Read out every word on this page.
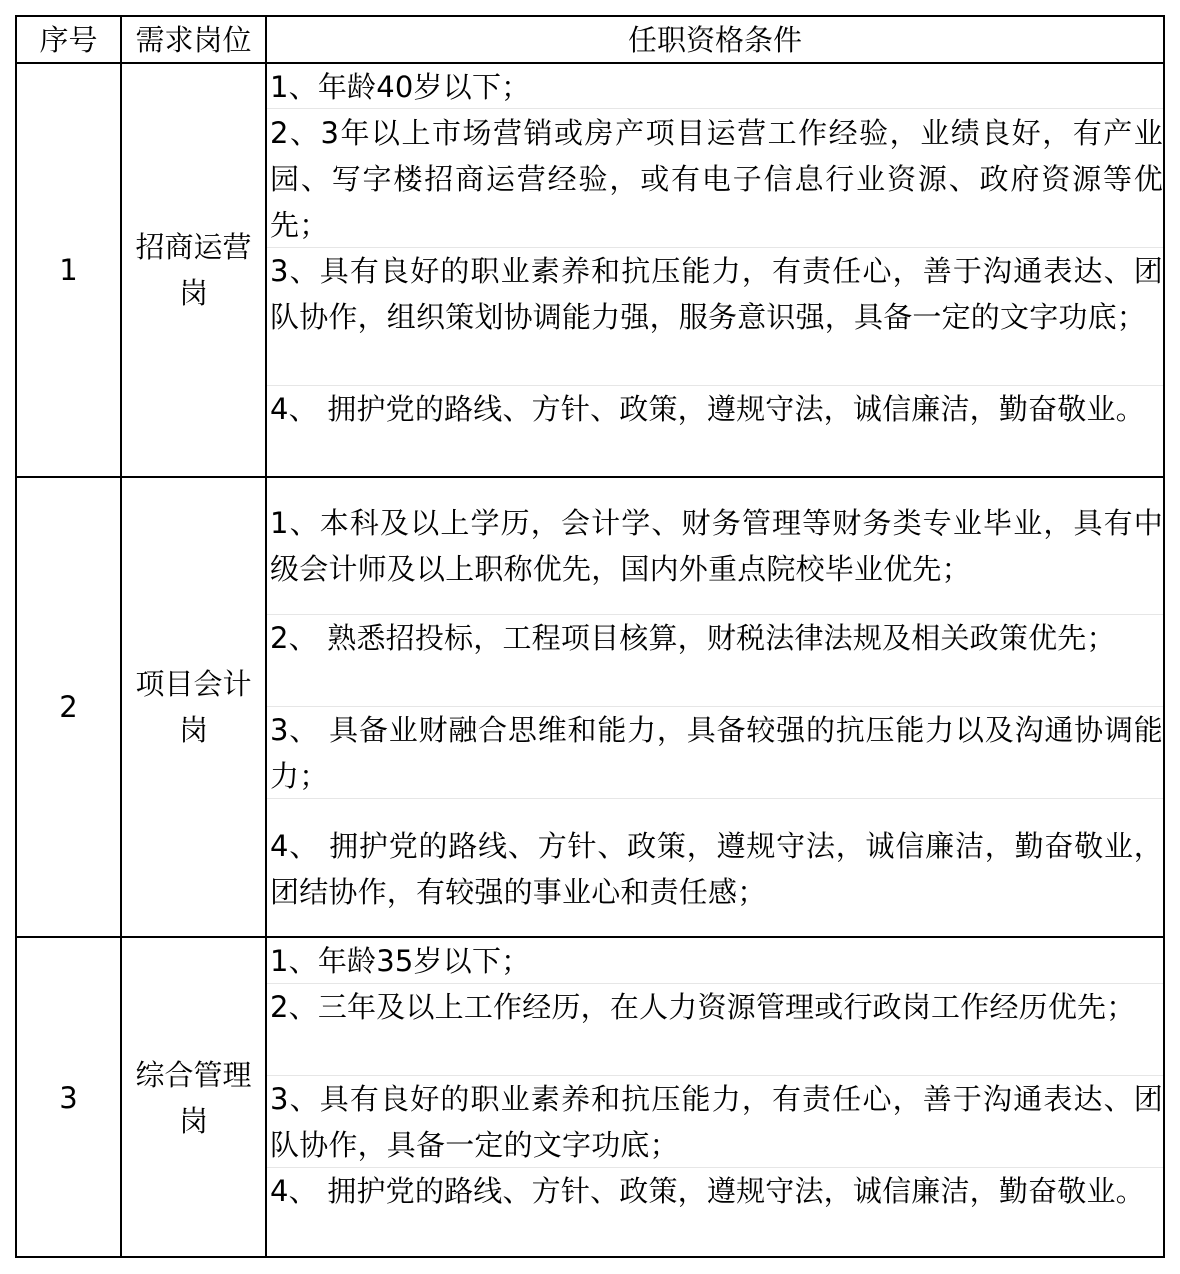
序号	需求岗位	任职资格条件
1
招商运营岗
1、年龄40岁以下；
2、3年以上市场营销或房产项目运营工作经验，业绩良好，有产业园、写字楼招商运营经验，或有电子信息行业资源、政府资源等优先；
3、具有良好的职业素养和抗压能力，有责任心，善于沟通表达、团队协作，组织策划协调能力强，服务意识强，具备一定的文字功底；
4、 拥护党的路线、方针、政策，遵规守法，诚信廉洁，勤奋敬业。
2
项目会计岗
1、本科及以上学历，会计学、财务管理等财务类专业毕业，具有中级会计师及以上职称优先，国内外重点院校毕业优先；
2、 熟悉招投标，工程项目核算，财税法律法规及相关政策优先；
3、 具备业财融合思维和能力，具备较强的抗压能力以及沟通协调能力；
4、 拥护党的路线、方针、政策，遵规守法，诚信廉洁，勤奋敬业，团结协作，有较强的事业心和责任感；
3
综合管理岗
1、年龄35岁以下；
2、三年及以上工作经历，在人力资源管理或行政岗工作经历优先；
3、具有良好的职业素养和抗压能力，有责任心，善于沟通表达、团队协作，具备一定的文字功底；
4、 拥护党的路线、方针、政策，遵规守法，诚信廉洁，勤奋敬业。
